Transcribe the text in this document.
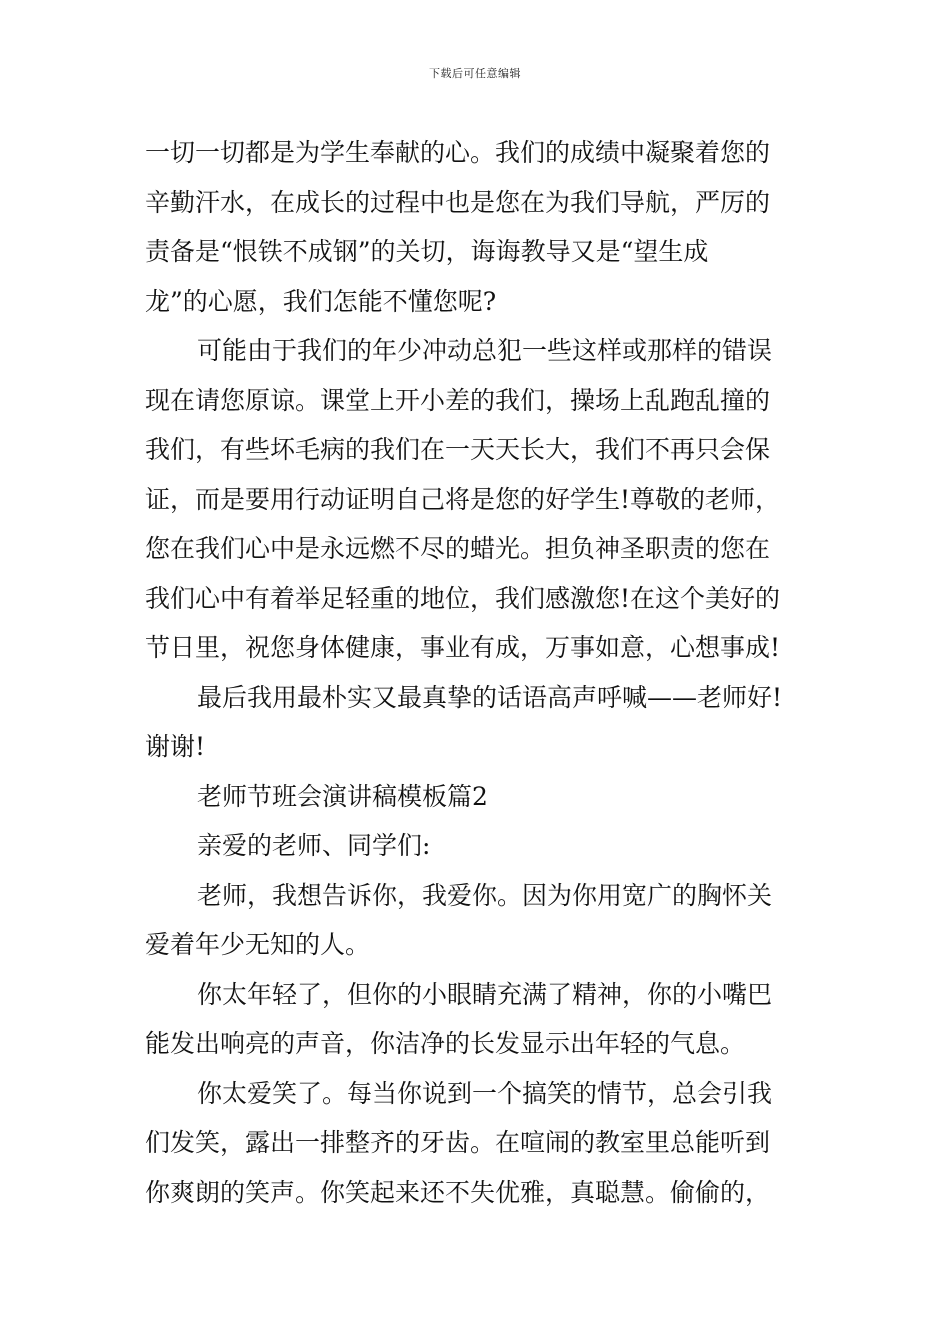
下载后可任意编辑
一切一切都是为学生奉献的心。我们的成绩中凝聚着您的
辛勤汗水，在成长的过程中也是您在为我们导航，严厉的
责备是“恨铁不成钢”的关切，诲诲教导又是“望生成
龙”的心愿，我们怎能不懂您呢?
可能由于我们的年少冲动总犯一些这样或那样的错误
现在请您原谅。课堂上开小差的我们，操场上乱跑乱撞的
我们，有些坏毛病的我们在一天天长大，我们不再只会保
证，而是要用行动证明自己将是您的好学生!尊敬的老师，
您在我们心中是永远燃不尽的蜡光。担负神圣职责的您在
我们心中有着举足轻重的地位，我们感激您!在这个美好的
节日里，祝您身体健康，事业有成，万事如意，心想事成!
最后我用最朴实又最真挚的话语高声呼喊——老师好!
谢谢!
老师节班会演讲稿模板篇2
亲爱的老师、同学们:
老师，我想告诉你，我爱你。因为你用宽广的胸怀关
爱着年少无知的人。
你太年轻了，但你的小眼睛充满了精神，你的小嘴巴
能发出响亮的声音，你洁净的长发显示出年轻的气息。
你太爱笑了。每当你说到一个搞笑的情节，总会引我
们发笑，露出一排整齐的牙齿。在喧闹的教室里总能听到
你爽朗的笑声。你笑起来还不失优雅，真聪慧。偷偷的，
